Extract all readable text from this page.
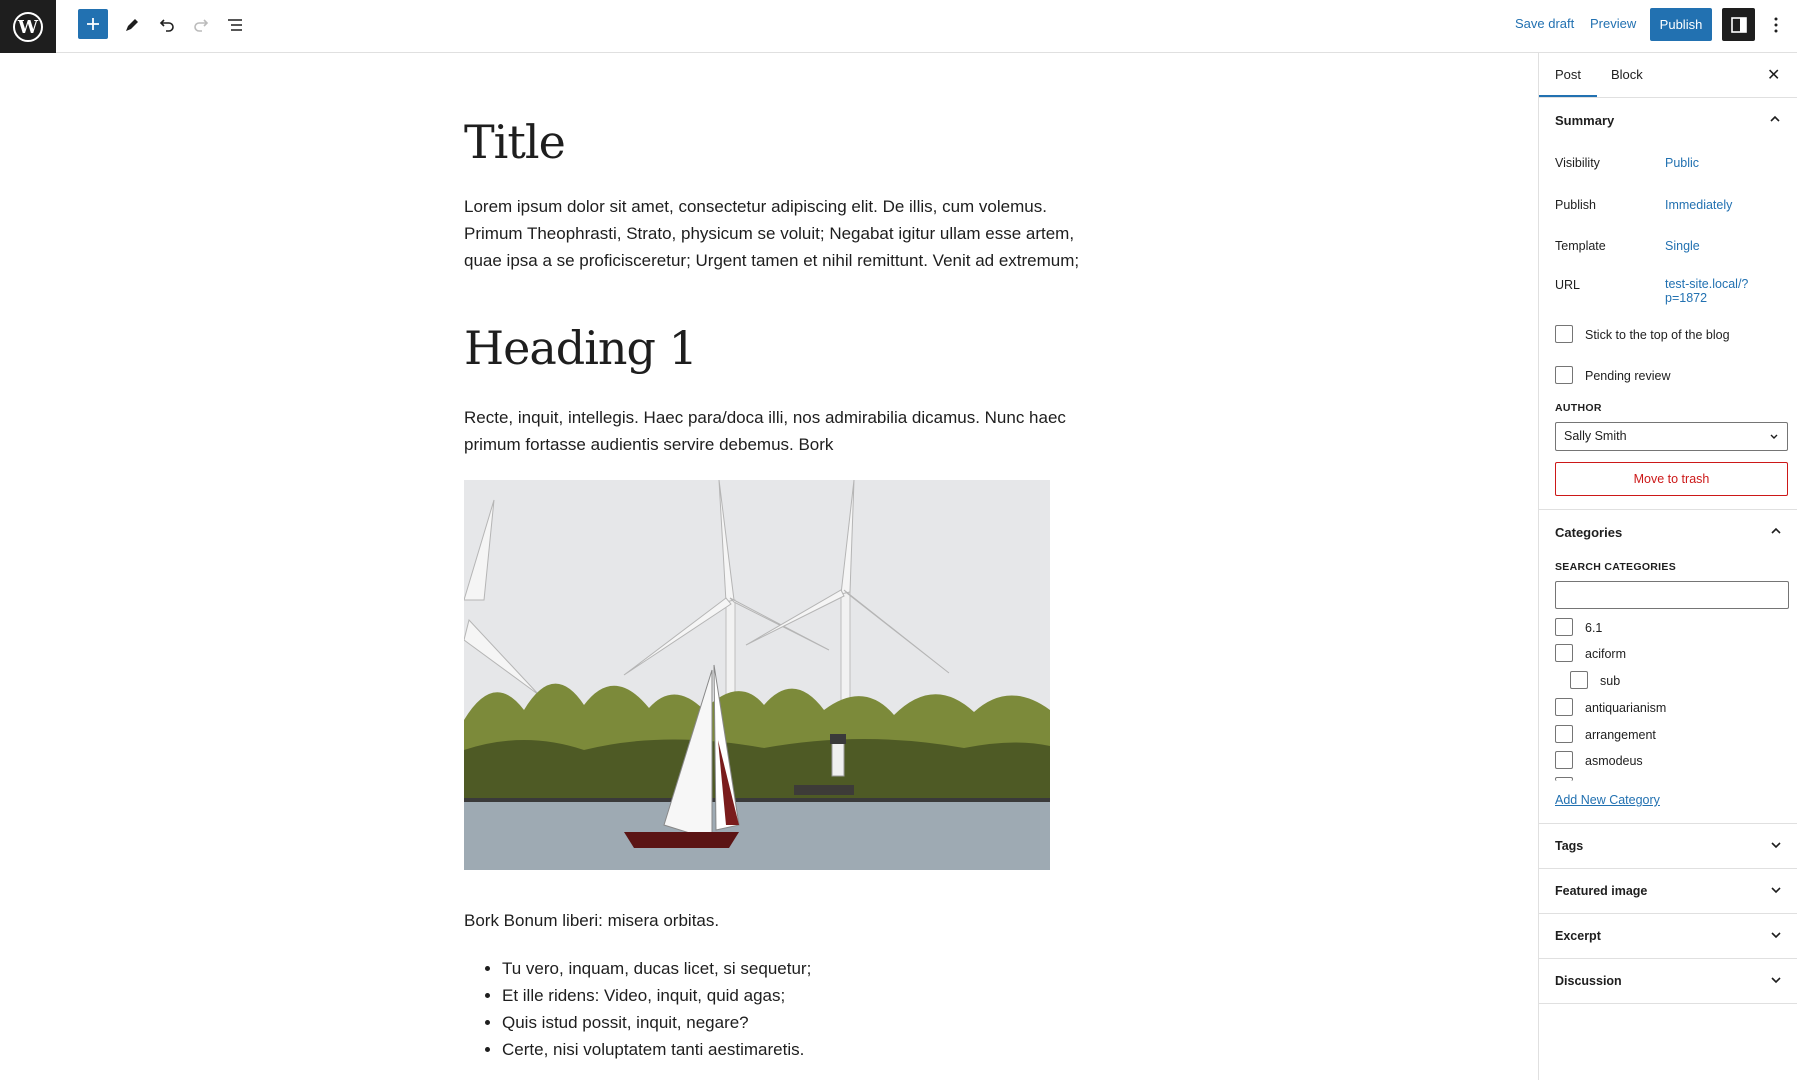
W	Save draft Preview	Publish
Title

Lorem ipsum dolor sit amet, consectetur adipiscing elit. De illis, cum volemus. Primum Theophrasti, Strato, physicum se voluit; Negabat igitur ullam esse artem, quae ipsa a se proficisceretur; Urgent tamen et nihil remittunt. Venit ad extremum;

Heading 1

Recte, inquit, intellegis. Haec para/doca illi, nos admirabilia dicamus. Nunc haec primum fortasse audientis servire debemus. Bork

Bork Bonum liberi: misera orbitas.

• Tu vero, inquam, ducas licet, si sequetur;
• Et ille ridens: Video, inquit, quid agas;
• Quis istud possit, inquit, negare?
• Certe, nisi voluptatem tanti aestimaretis.
Post Block	✕
Summary
Visibility	Public
Publish	Immediately
Template	Single
URL	test-site.local/?
p=1872
Stick to the top of the blog
Pending review
AUTHOR
Sally Smith
Move to trash
Categories
SEARCH CATEGORIES
6.1
aciform
sub
antiquarianism
arrangement
asmodeus
Add New Category
Tags
Featured image
Excerpt
Discussion
